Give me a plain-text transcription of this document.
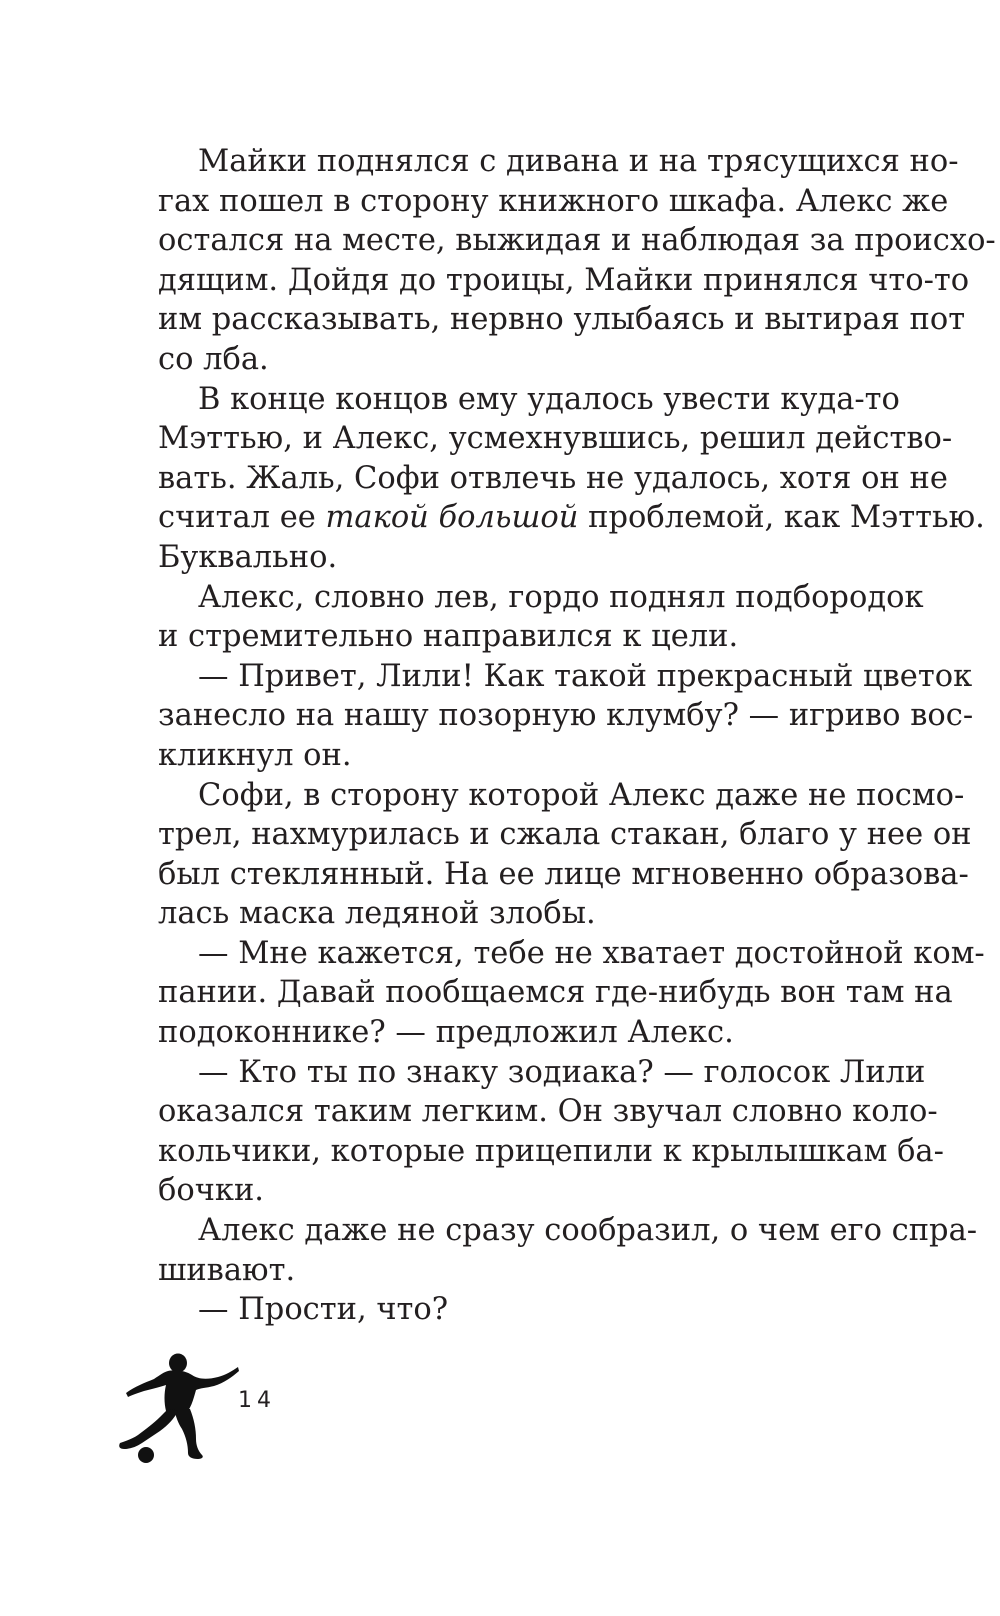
Майки поднялся с дивана и на трясущихся но-
гах пошел в сторону книжного шкафа. Алекс же
остался на месте, выжидая и наблюдая за происхо-
дящим. Дойдя до троицы, Майки принялся что-то
им рассказывать, нервно улыбаясь и вытирая пот
со лба.
В конце концов ему удалось увести куда-то
Мэттью, и Алекс, усмехнувшись, решил действо-
вать. Жаль, Софи отвлечь не удалось, хотя он не
считал ее такой большой проблемой, как Мэттью.
Буквально.
Алекс, словно лев, гордо поднял подбородок
и стремительно направился к цели.
— Привет, Лили! Как такой прекрасный цветок
занесло на нашу позорную клумбу? — игриво вос-
кликнул он.
Софи, в сторону которой Алекс даже не посмо-
трел, нахмурилась и сжала стакан, благо у нее он
был стеклянный. На ее лице мгновенно образова-
лась маска ледяной злобы.
— Мне кажется, тебе не хватает достойной ком-
пании. Давай пообщаемся где-нибудь вон там на
подоконнике? — предложил Алекс.
— Кто ты по знаку зодиака? — голосок Лили
оказался таким легким. Он звучал словно коло-
кольчики, которые прицепили к крылышкам ба-
бочки.
Алекс даже не сразу сообразил, о чем его спра-
шивают.
— Прости, что?
14
